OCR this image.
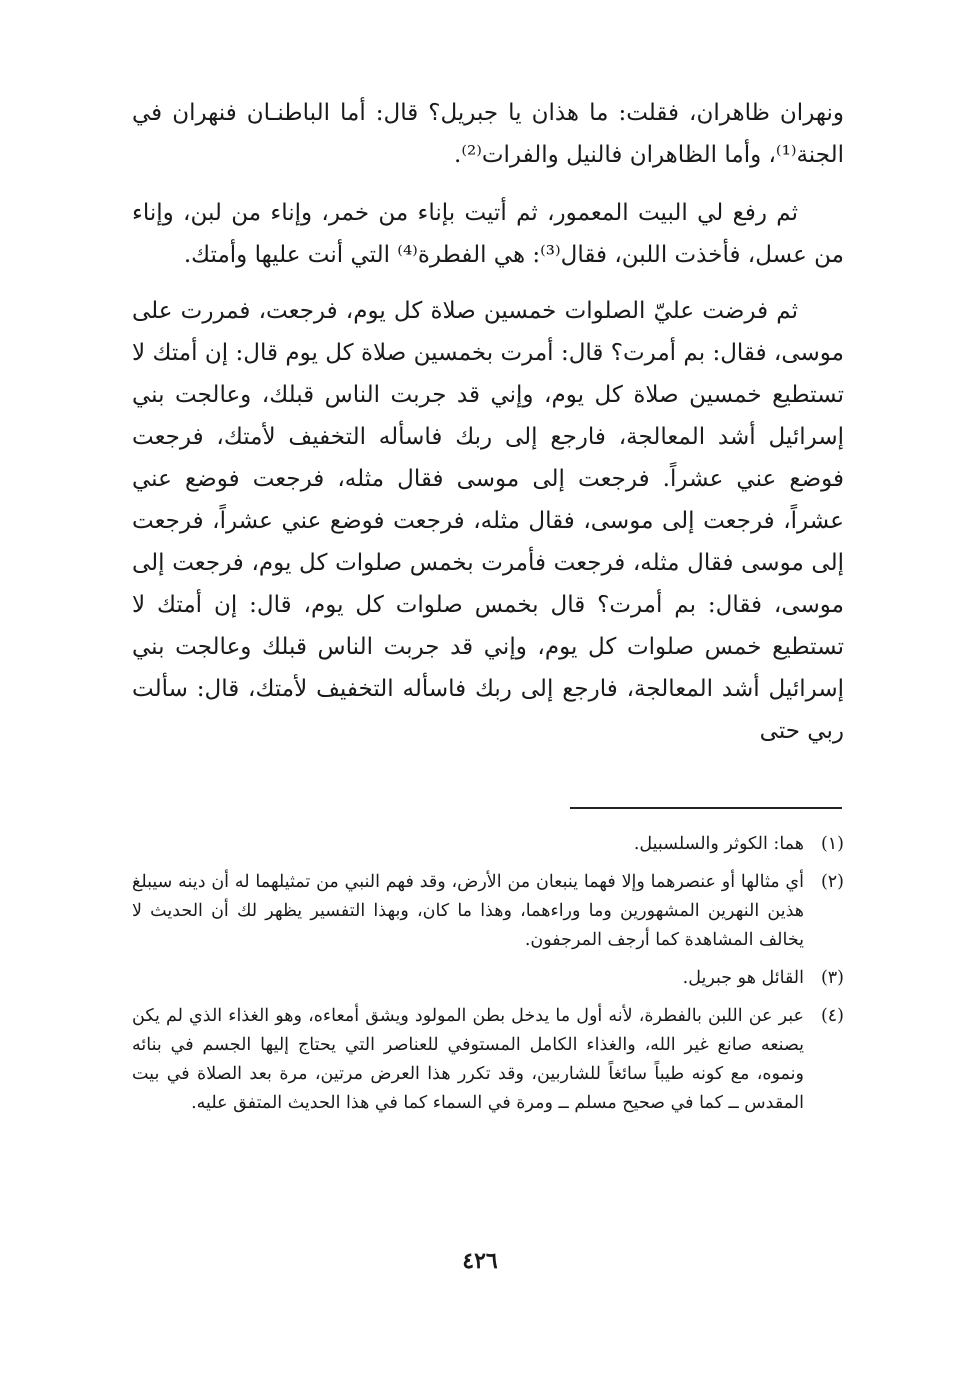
ونهران ظاهران، فقلت: ما هذان يا جبريل؟ قال: أما الباطنـان فنهران في الجنة⁽¹⁾، وأما الظاهران فالنيل والفرات⁽²⁾.

ثم رفع لي البيت المعمور، ثم أتيت بإناء من خمر، وإناء من لبن، وإناء من عسل، فأخذت اللبن، فقال⁽³⁾: هي الفطرة⁽⁴⁾ التي أنت عليها وأمتك.

ثم فرضت عليّ الصلوات خمسين صلاة كل يوم، فرجعت، فمررت على موسى، فقال: بم أمرت؟ قال: أمرت بخمسين صلاة كل يوم قال: إن أمتك لا تستطيع خمسين صلاة كل يوم، وإني قد جربت الناس قبلك، وعالجت بني إسرائيل أشد المعالجة، فارجع إلى ربك فاسأله التخفيف لأمتك، فرجعت فوضع عني عشراً. فرجعت إلى موسى فقال مثله، فرجعت فوضع عني عشراً، فرجعت إلى موسى، فقال مثله، فرجعت فوضع عني عشراً، فرجعت إلى موسى فقال مثله، فرجعت فأمرت بخمس صلوات كل يوم، فرجعت إلى موسى، فقال: بم أمرت؟ قال بخمس صلوات كل يوم، قال: إن أمتك لا تستطيع خمس صلوات كل يوم، وإني قد جربت الناس قبلك وعالجت بني إسرائيل أشد المعالجة، فارجع إلى ربك فاسأله التخفيف لأمتك، قال: سألت ربي حتى

(١)
هما: الكوثر والسلسبيل.
(٢)
أي مثالها أو عنصرهما وإلا فهما ينبعان من الأرض، وقد فهم النبي من تمثيلهما له أن دينه سيبلغ هذين النهرين المشهورين وما وراءهما، وهذا ما كان، وبهذا التفسير يظهر لك أن الحديث لا يخالف المشاهدة كما أرجف المرجفون.
(٣)
القائل هو جبريل.
(٤)
عبر عن اللبن بالفطرة، لأنه أول ما يدخل بطن المولود ويشق أمعاءه، وهو الغذاء الذي لم يكن يصنعه صانع غير الله، والغذاء الكامل المستوفي للعناصر التي يحتاج إليها الجسم في بنائه ونموه، مع كونه طيباً سائغاً للشاربين، وقد تكرر هذا العرض مرتين، مرة بعد الصلاة في بيت المقدس ــ كما في صحيح مسلم ــ ومرة في السماء كما في هذا الحديث المتفق عليه.
٤٢٦
